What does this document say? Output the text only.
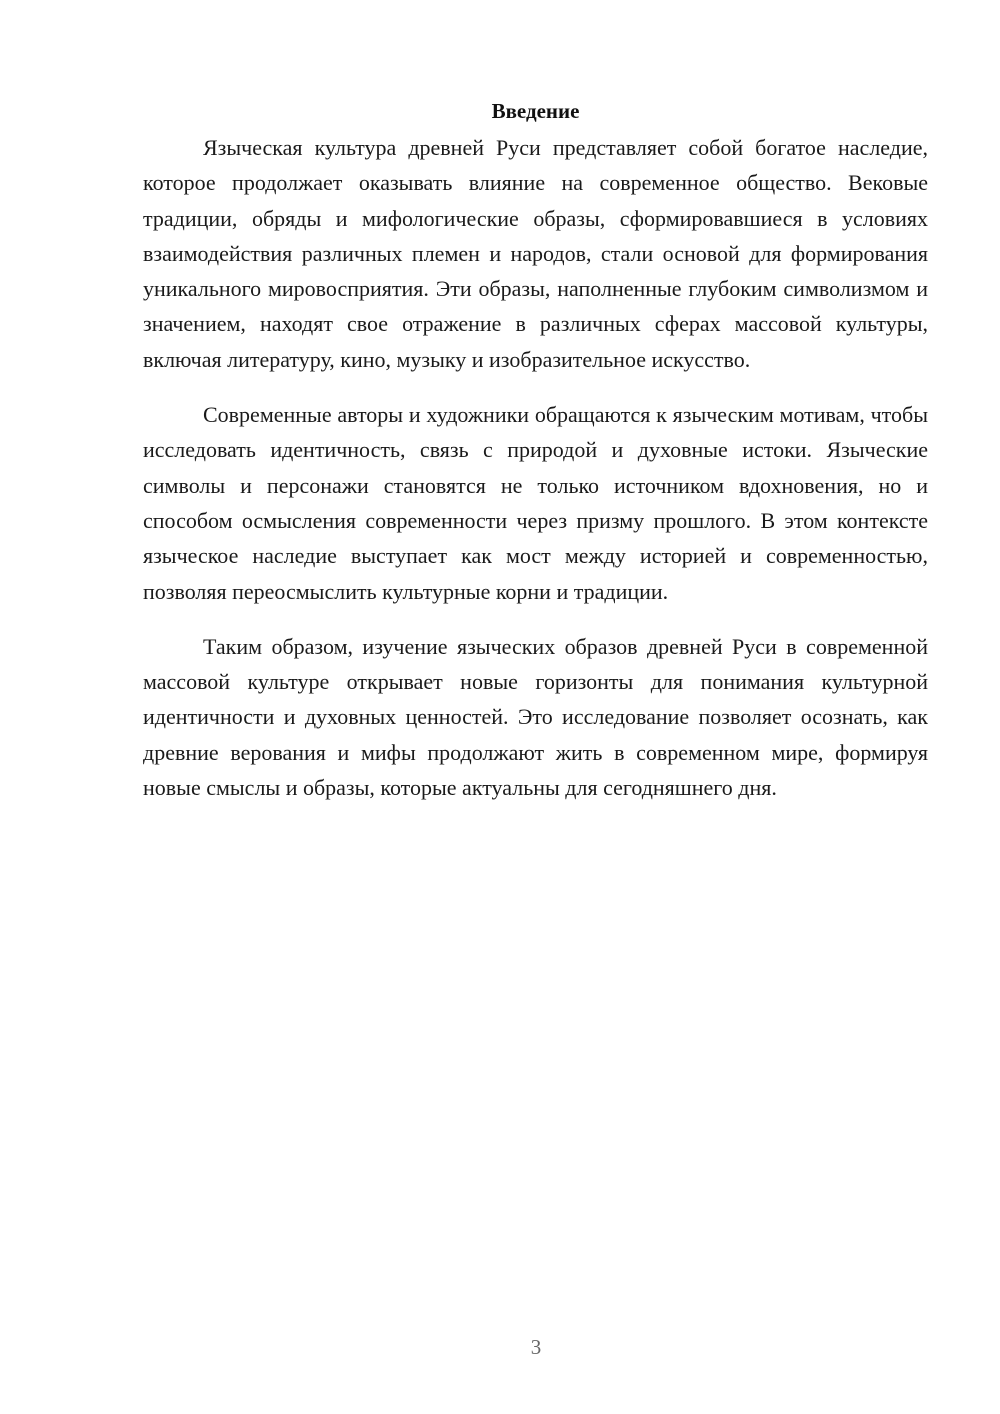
Введение

Языческая культура древней Руси представляет собой богатое наследие, которое продолжает оказывать влияние на современное общество. Вековые традиции, обряды и мифологические образы, сформировавшиеся в условиях взаимодействия различных племен и народов, стали основой для формирования уникального мировосприятия. Эти образы, наполненные глубоким символизмом и значением, находят свое отражение в различных сферах массовой культуры, включая литературу, кино, музыку и изобразительное искусство.

Современные авторы и художники обращаются к языческим мотивам, чтобы исследовать идентичность, связь с природой и духовные истоки. Языческие символы и персонажи становятся не только источником вдохновения, но и способом осмысления современности через призму прошлого. В этом контексте языческое наследие выступает как мост между историей и современностью, позволяя переосмыслить культурные корни и традиции.

Таким образом, изучение языческих образов древней Руси в современной массовой культуре открывает новые горизонты для понимания культурной идентичности и духовных ценностей. Это исследование позволяет осознать, как древние верования и мифы продолжают жить в современном мире, формируя новые смыслы и образы, которые актуальны для сегодняшнего дня.

3
